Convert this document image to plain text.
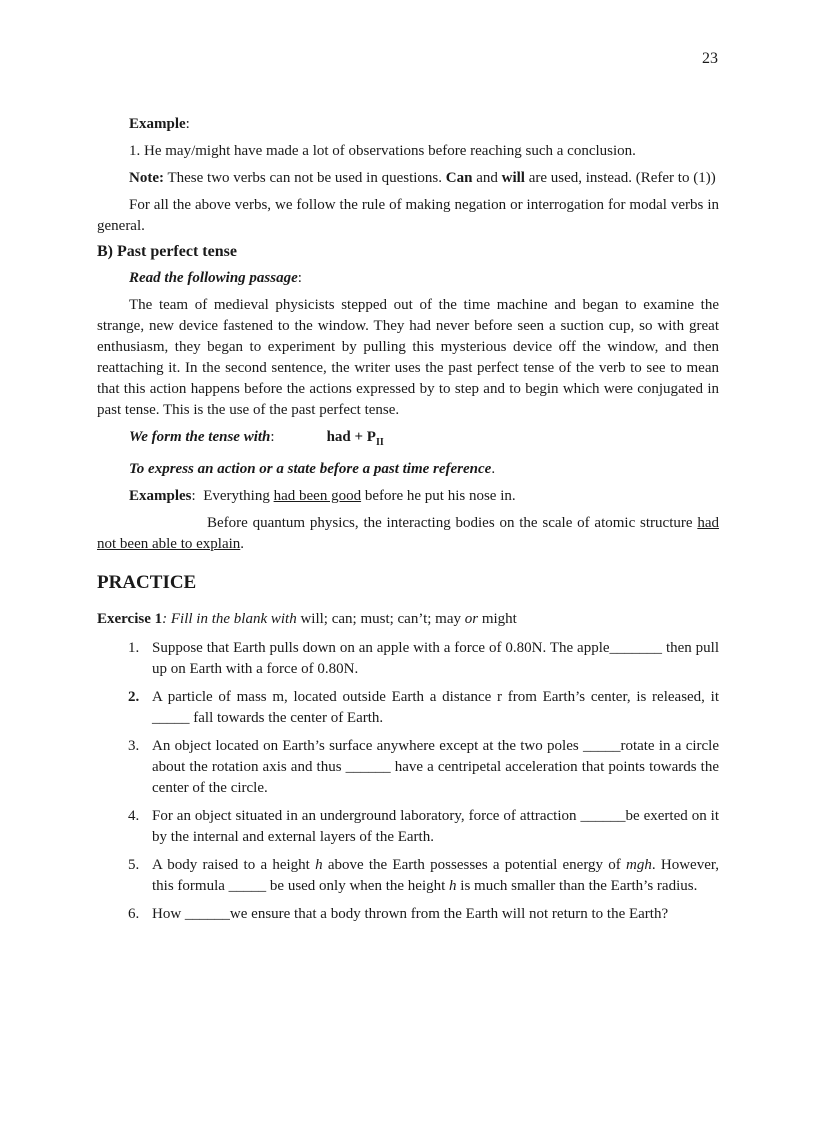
23

Example:

1. He may/might have made a lot of observations before reaching such a conclusion.

Note: These two verbs can not be used in questions. Can and will are used, instead. (Refer to (1))

For all the above verbs, we follow the rule of making negation or interrogation for modal verbs in general.

B) Past perfect tense

Read the following passage:

The team of medieval physicists stepped out of the time machine and began to examine the strange, new device fastened to the window. They had never before seen a suction cup, so with great enthusiasm, they began to experiment by pulling this mysterious device off the window, and then reattaching it. In the second sentence, the writer uses the past perfect tense of the verb to see to mean that this action happens before the actions expressed by to step and to begin which were conjugated in past tense. This is the use of the past perfect tense.

We form the tense with:	had + $P_{II}$

To express an action or a state before a past time reference.

Examples:  Everything had been good before he put his nose in.

Before quantum physics, the interacting bodies on the scale of atomic structure had not been able to explain.

PRACTICE

Exercise 1: Fill in the blank with will; can; must; can’t; may or might

1. Suppose that Earth pulls down on an apple with a force of 0.80N. The apple_______ then pull up on Earth with a force of 0.80N.
2. A particle of mass m, located outside Earth a distance r from Earth’s center, is released, it _____ fall towards the center of Earth.
3. An object located on Earth’s surface anywhere except at the two poles _____rotate in a circle about the rotation axis and thus ______ have a centripetal acceleration that points towards the center of the circle.
4. For an object situated in an underground laboratory, force of attraction ______be exerted on it by the internal and external layers of the Earth.
5. A body raised to a height h above the Earth possesses a potential energy of mgh. However, this formula _____ be used only when the height h is much smaller than the Earth’s radius.
6. How ______we ensure that a body thrown from the Earth will not return to the Earth?
